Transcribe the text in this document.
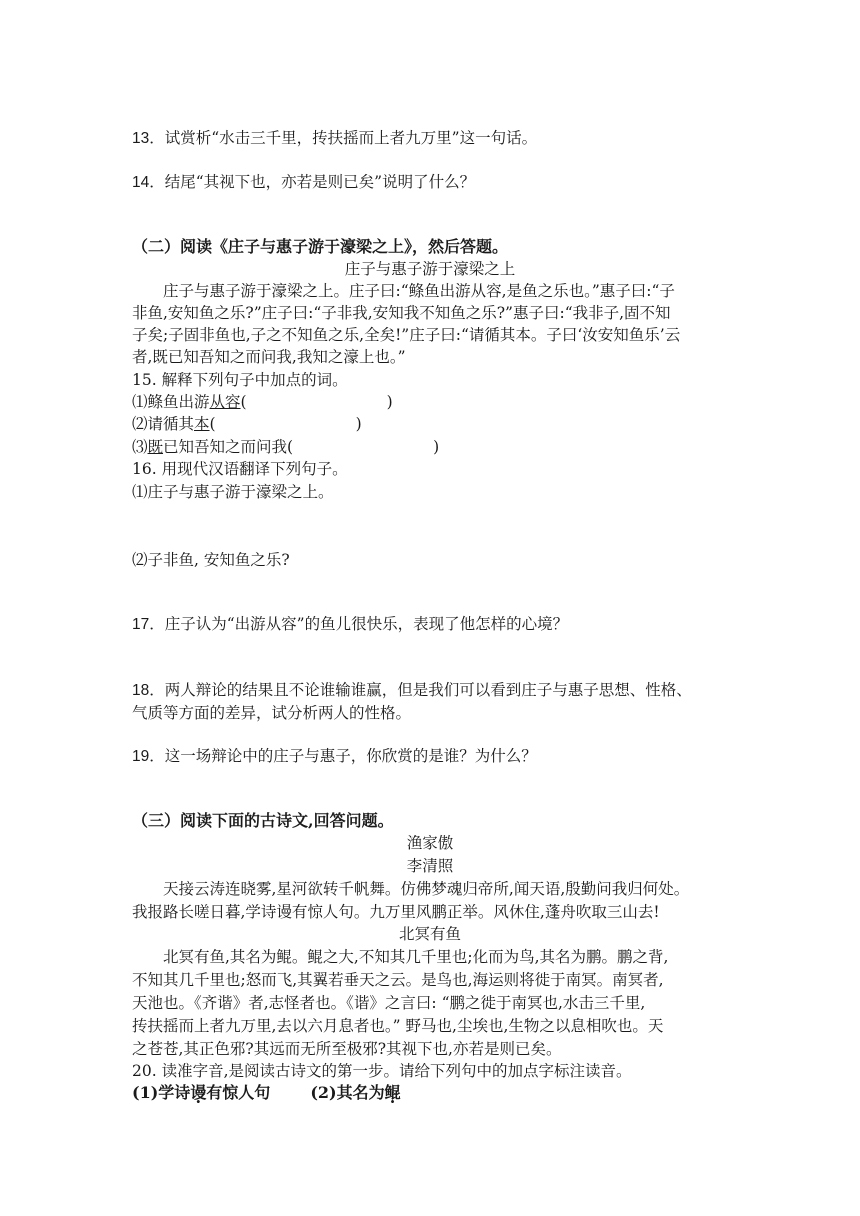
13．试赏析“水击三千里，抟扶摇而上者九万里”这一句话。
14．结尾“其视下也，亦若是则已矣”说明了什么？
（二）阅读《庄子与惠子游于濠梁之上》，然后答题。
庄子与惠子游于濠梁之上
庄子与惠子游于濠梁之上。庄子曰:“鲦鱼出游从容,是鱼之乐也。”惠子曰:“子
非鱼,安知鱼之乐?”庄子曰:“子非我,安知我不知鱼之乐?”惠子曰:“我非子,固不知
子矣;子固非鱼也,子之不知鱼之乐,全矣!”庄子曰:“请循其本。子曰‘汝安知鱼乐’云
者,既已知吾知之而问我,我知之濠上也。”
15. 解释下列句子中加点的词。
⑴鲦鱼出游从容(	)
⑵请循其本(	)
⑶既已知吾知之而问我(	)
16. 用现代汉语翻译下列句子。
⑴庄子与惠子游于濠梁之上。
⑵子非鱼, 安知鱼之乐?
17．庄子认为“出游从容”的鱼儿很快乐，表现了他怎样的心境？
18．两人辩论的结果且不论谁输谁赢，但是我们可以看到庄子与惠子思想、性格、
气质等方面的差异，试分析两人的性格。
19．这一场辩论中的庄子与惠子，你欣赏的是谁？为什么？
（三）阅读下面的古诗文,回答问题。
渔家傲
李清照
天接云涛连晓雾,星河欲转千帆舞。仿佛梦魂归帝所,闻天语,殷勤问我归何处。
我报路长嗟日暮,学诗谩有惊人句。九万里风鹏正举。风休住,蓬舟吹取三山去!
北冥有鱼
北冥有鱼,其名为鲲。鲲之大,不知其几千里也;化而为鸟,其名为鹏。鹏之背,
不知其几千里也;怒而飞,其翼若垂天之云。是鸟也,海运则将徙于南冥。南冥者,
天池也。《齐谐》者,志怪者也。《谐》之言曰: “鹏之徙于南冥也,水击三千里,
抟扶摇而上者九万里,去以六月息者也。” 野马也,尘埃也,生物之以息相吹也。天
之苍苍,其正色邪?其远而无所至极邪?其视下也,亦若是则已矣。
20. 读准字音,是阅读古诗文的第一步。请给下列句中的加点字标注读音。
(1)学诗谩有惊人句	(2)其名为鲲
